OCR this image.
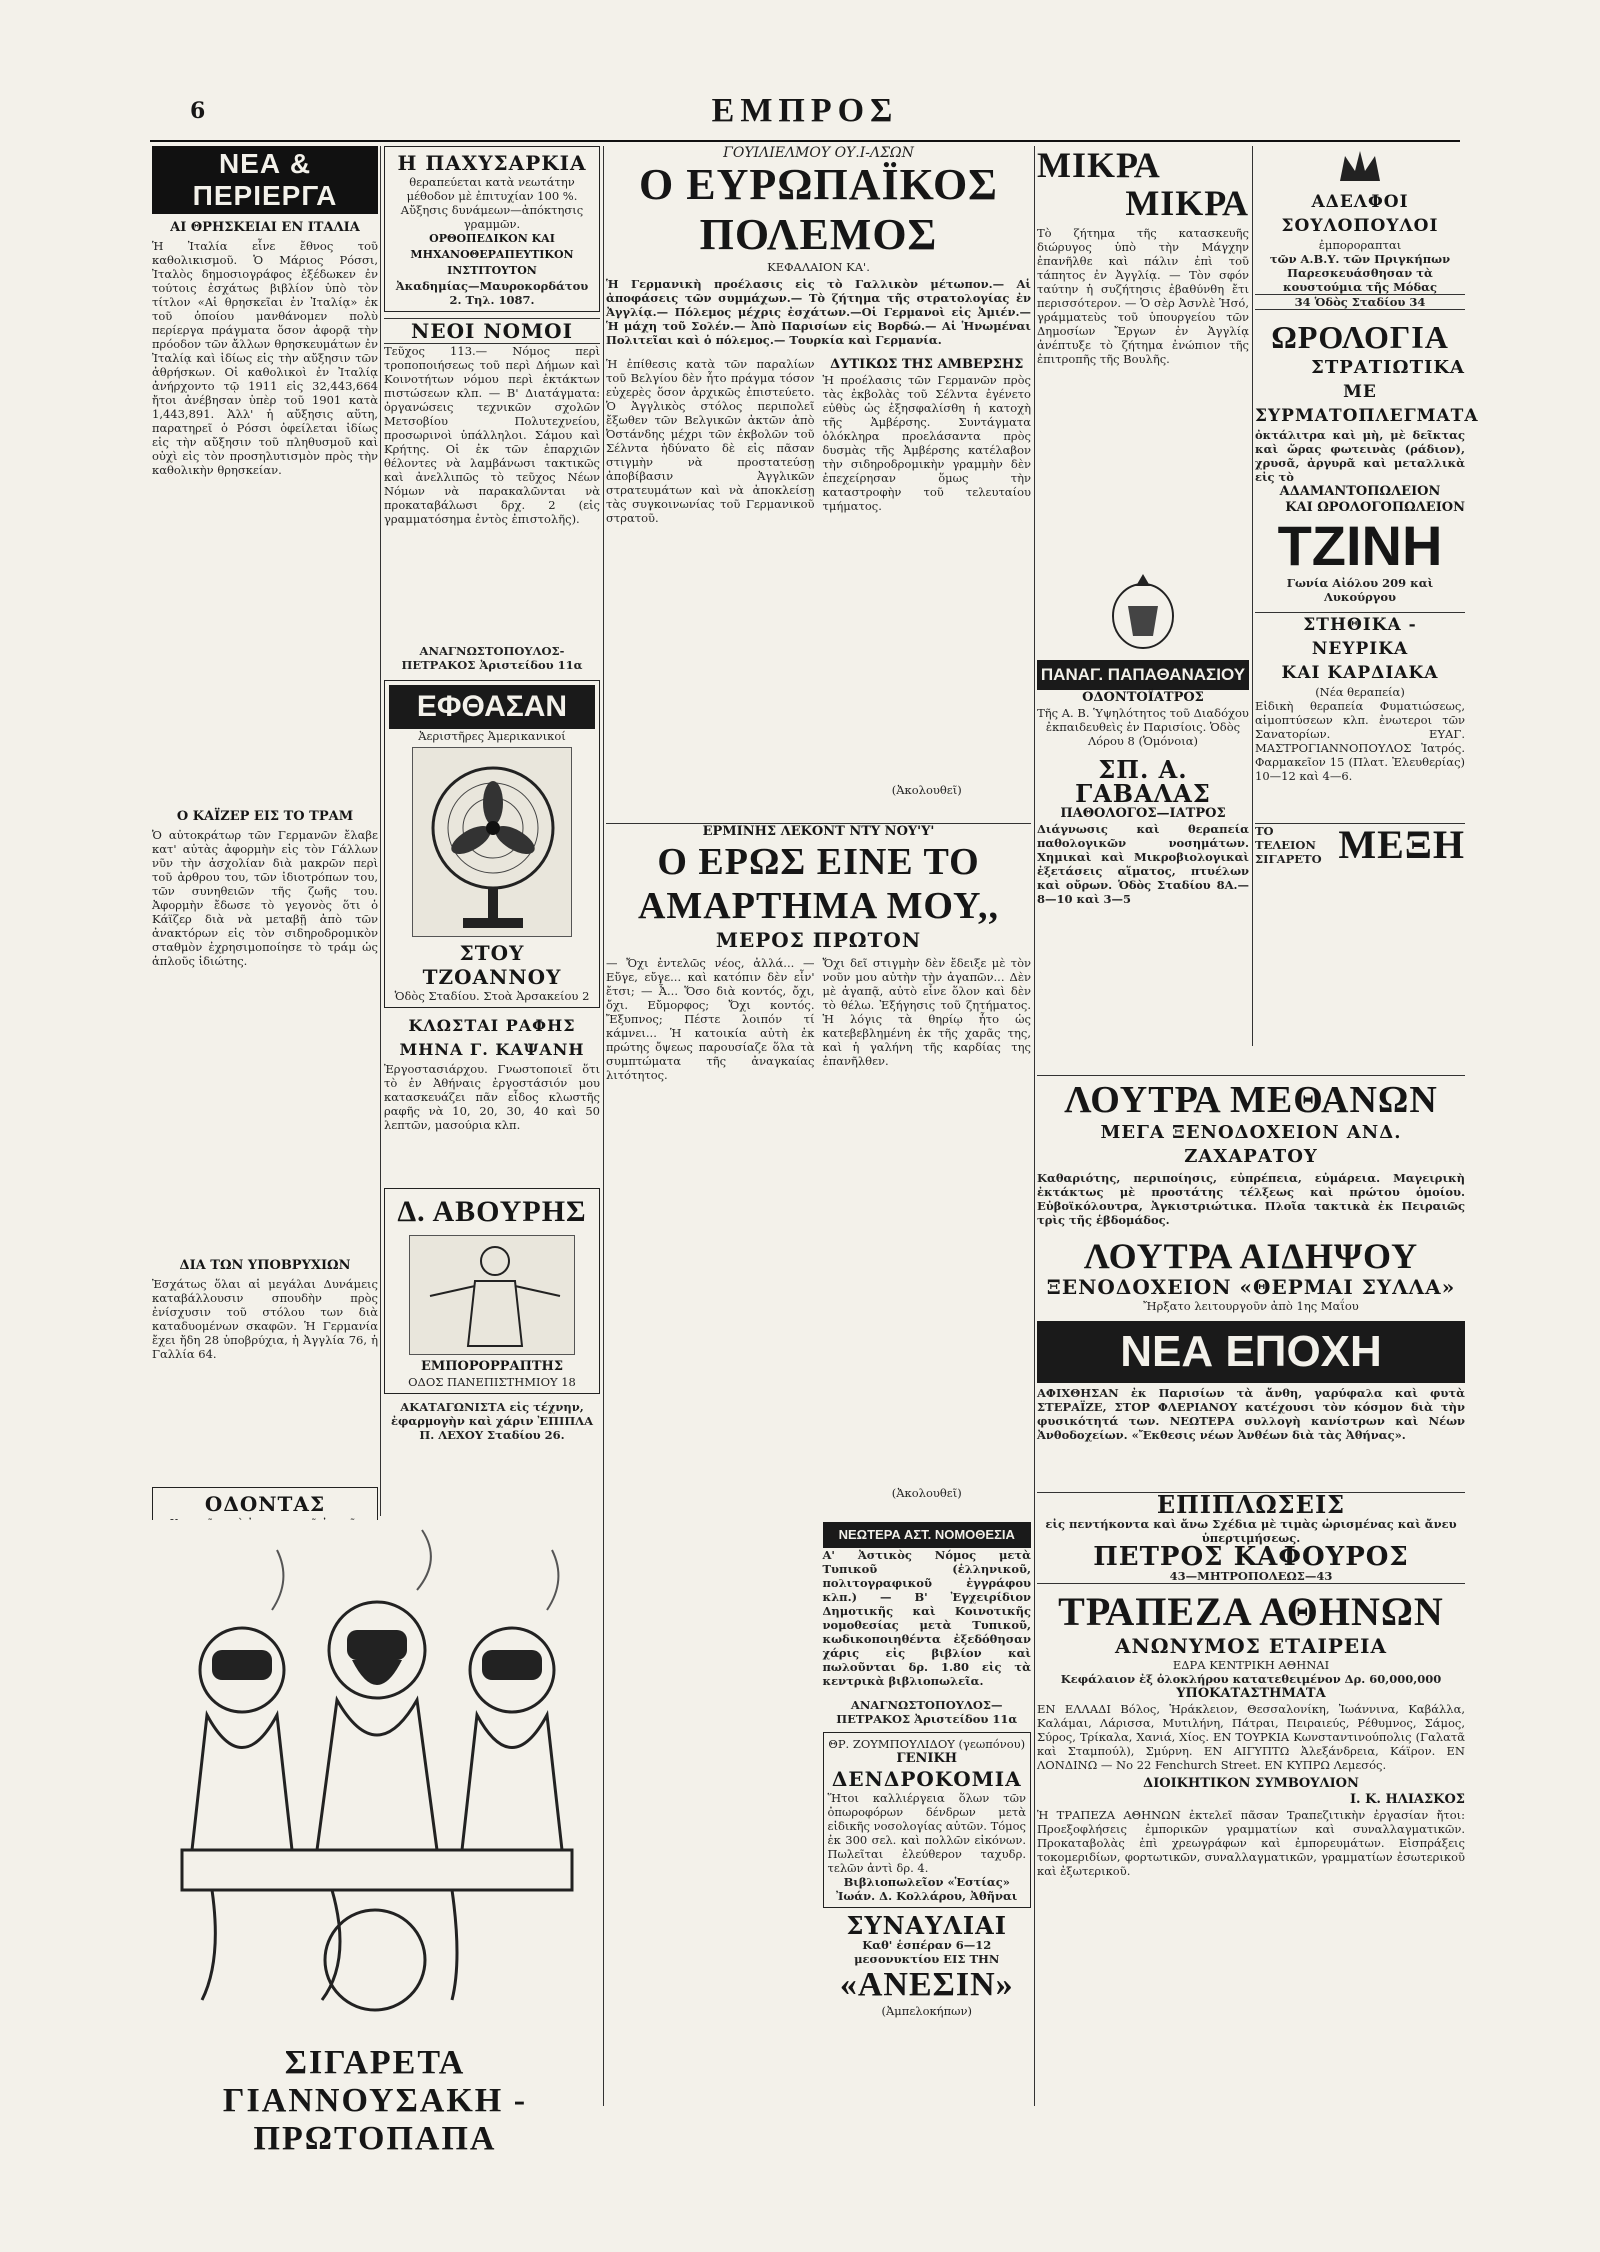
6	ΕΜΠΡΟΣ
ΝΕΑ & ΠΕΡΙΕΡΓΑ
ΑΙ ΘΡΗΣΚΕΙΑΙ ΕΝ ΙΤΑΛΙΑ
Ἡ Ἰταλία εἶνε ἔθνος τοῦ καθολικισμοῦ. Ὁ Μάριος Ρόσσι, Ἰταλὸς δημοσιογράφος ἐξέδωκεν ἐν τούτοις ἐσχάτως βιβλίον ὑπὸ τὸν τίτλον «Αἱ θρησκεῖαι ἐν Ἰταλίᾳ» ἐκ τοῦ ὁποίου μανθάνομεν πολὺ περίεργα πράγματα ὅσον ἀφορᾷ τὴν πρόοδον τῶν ἄλλων θρησκευμάτων ἐν Ἰταλίᾳ καὶ ἰδίως εἰς τὴν αὔξησιν τῶν ἀθρήσκων. Οἱ καθολικοὶ ἐν Ἰταλίᾳ ἀνήρχοντο τῷ 1911 εἰς 32,443,664 ἤτοι ἀνέβησαν ὑπὲρ τοῦ 1901 κατὰ 1,443,891. Ἀλλ' ἡ αὔξησις αὕτη, παρατηρεῖ ὁ Ρόσσι ὀφείλεται ἰδίως εἰς τὴν αὔξησιν τοῦ πληθυσμοῦ καὶ οὐχὶ εἰς τὸν προσηλυτισμὸν πρὸς τὴν καθολικὴν θρησκείαν.
Ο ΚΑΪΖΕΡ ΕΙΣ ΤΟ ΤΡΑΜ
Ὁ αὐτοκράτωρ τῶν Γερμανῶν ἔλαβε κατ' αὐτὰς ἀφορμὴν εἰς τὸν Γάλλων νῦν τὴν ἀσχολίαν διὰ μακρῶν περὶ τοῦ ἀρθρου του, τῶν ἰδιοτρόπων του, τῶν συνηθειῶν τῆς ζωῆς του. Ἀφορμὴν ἔδωσε τὸ γεγονὸς ὅτι ὁ Κάϊζερ διὰ νὰ μεταβῇ ἀπὸ τῶν ἀνακτόρων εἰς τὸν σιδηροδρομικὸν σταθμὸν ἐχρησιμοποίησε τὸ τράμ ὡς ἁπλοῦς ἰδιώτης.
ΔΙΑ ΤΩΝ ΥΠΟΒΡΥΧΙΩΝ
Ἐσχάτως ὅλαι αἱ μεγάλαι Δυνάμεις καταβάλλουσιν σπουδὴν πρὸς ἐνίσχυσιν τοῦ στόλου των διὰ καταδυομένων σκαφῶν. Ἡ Γερμανία ἔχει ἤδη 28 ὑποβρύχια, ἡ Ἀγγλία 76, ἡ Γαλλία 64.
ΟΔΟΝΤΑΣ
Η ΠΑΧΥΣΑΡΚΙΑ
θεραπεύεται κατὰ νεωτάτην μέθοδον μὲ ἐπιτυχίαν 100 %. Αὔξησις δυνάμεων—ἀπόκτησις γραμμῶν.
ΟΡΘΟΠΕΔΙΚΟΝ ΚΑΙ ΜΗΧΑΝΟΘΕΡΑΠΕΥΤΙΚΟΝ ΙΝΣΤΙΤΟΥΤΟΝ
Ἀκαδημίας—Μαυροκορδάτου 2. Τηλ. 1087.
ΝΕΟΙ ΝΟΜΟΙ
Τεῦχος 113.— Νόμος περὶ τροποποιήσεως τοῦ περὶ Δήμων καὶ Κοινοτήτων νόμου περὶ ἐκτάκτων πιστώσεων κλπ. — Β' Διατάγματα: ὀργανώσεις τεχνικῶν σχολῶν Μετσοβίου Πολυτεχνείου, προσωρινοὶ ὑπάλληλοι. Σάμου καὶ Κρήτης. Οἱ ἐκ τῶν ἐπαρχιῶν θέλοντες νὰ λαμβάνωσι τακτικῶς καὶ ἀνελλιπῶς τὸ τεῦχος Νέων Νόμων νὰ παρακαλῶνται νὰ προκαταβάλωσι δρχ. 2 (εἰς γραμματόσημα ἐντὸς ἐπιστολῆς).
ΑΝΑΓΝΩΣΤΟΠΟΥΛΟΣ-ΠΕΤΡΑΚΟΣ Ἀριστείδου 11α
ΕΦΘΑΣΑΝ
Ἀεριστῆρες Ἀμερικανικοί
ΣΤΟΥ ΤΖΟΑΝΝΟΥ
Ὁδὸς Σταδίου. Στοὰ Ἀρσακείου 2
ΚΛΩΣΤΑΙ ΡΑΦΗΣ
ΜΗΝΑ Γ. ΚΑΨΑΝΗ
Ἐργοστασιάρχου. Γνωστοποιεῖ ὅτι τὸ ἐν Ἀθήναις ἐργοστάσιόν μου κατασκευάζει πᾶν εἶδος κλωστῆς ραφῆς νὰ 10, 20, 30, 40 καὶ 50 λεπτῶν, μασούρια κλπ.
Δ. ΑΒΟΥΡΗΣ
ΕΜΠΟΡΟΡΡΑΠΤΗΣ
ΟΔΟΣ ΠΑΝΕΠΙΣΤΗΜΙΟΥ 18
ΑΚΑΤΑΓΩΝΙΣΤΑ εἰς τέχνην, ἐφαρμογὴν καὶ χάριν ἘΠΙΠΛΑ Π. ΛΕΧΟΥ Σταδίου 26.
ΓΟΥΙΛΙΕΛΜΟΥ ΟΥ.Ι-ΛΣΩΝ
Ο ΕΥΡΩΠΑΪΚΟΣ ΠΟΛΕΜΟΣ
ΚΕΦΑΛΑΙΟΝ ΚΑ'.
Ἡ Γερμανικὴ προέλασις εἰς τὸ Γαλλικὸν μέτωπον.— Αἱ ἀποφάσεις τῶν συμμάχων.— Τὸ ζήτημα τῆς στρατολογίας ἐν Ἀγγλίᾳ.— Πόλεμος μέχρις ἐσχάτων.—Οἱ Γερμανοὶ εἰς Ἀμιέν.— Ἡ μάχη τοῦ Σολέν.— Ἀπὸ Παρισίων εἰς Βορδώ.— Αἱ Ἡνωμέναι Πολιτεῖαι καὶ ὁ πόλεμος.— Τουρκία καὶ Γερμανία.
Ἡ ἐπίθεσις κατὰ τῶν παραλίων τοῦ Βελγίου δὲν ἦτο πράγμα τόσον εὐχερὲς ὅσον ἀρχικῶς ἐπιστεύετο. Ὁ Ἀγγλικὸς στόλος περιπολεῖ ἔξωθεν τῶν Βελγικῶν ἀκτῶν ἀπὸ Ὀστάνδης μέχρι τῶν ἐκβολῶν τοῦ Σέλντα ἠδύνατο δὲ εἰς πᾶσαν στιγμὴν νὰ προστατεύσῃ ἀποβίβασιν Ἀγγλικῶν στρατευμάτων καὶ νὰ ἀποκλείσῃ τὰς συγκοινωνίας τοῦ Γερμανικοῦ στρατοῦ.
ΔΥΤΙΚΩΣ ΤΗΣ ΑΜΒΕΡΣΗΣ
Ἡ προέλασις τῶν Γερμανῶν πρὸς τὰς ἐκβολὰς τοῦ Σέλντα ἐγένετο εὐθὺς ὡς ἐξησφαλίσθη ἡ κατοχὴ τῆς Ἀμβέρσης. Συντάγματα ὁλόκληρα προελάσαντα πρὸς δυσμὰς τῆς Ἀμβέρσης κατέλαβον τὴν σιδηροδρομικὴν γραμμὴν δὲν ἐπεχείρησαν ὅμως τὴν καταστροφὴν τοῦ τελευταίου τμήματος.
(Ἀκολουθεῖ)
ΕΡΜΙΝΗΣ ΛΕΚΟΝΤ ΝΤΥ ΝΟΥ'Υ'
Ο ΕΡΩΣ ΕΙΝΕ ΤΟ ΑΜΑΡΤΗΜΑ ΜΟΥ,,
ΜΕΡΟΣ ΠΡΩΤΟΝ
— Ὄχι ἐντελῶς νέος, ἀλλά... — Εὔγε, εὔγε... καὶ κατόπιν δὲν εἶν' ἔτσι; — Ἆ... Ὅσο διὰ κοντός, ὄχι, ὄχι. Εὔμορφος; Ὄχι κοντός. Ἔξυπνος; Πέστε λοιπόν τί κάμνει... Ἡ κατοικία αὐτὴ ἐκ πρώτης ὄψεως παρουσίαζε ὅλα τὰ συμπτώματα τῆς ἀναγκαίας λιτότητος.
Ὄχι δεῖ στιγμὴν δὲν ἔδειξε μὲ τὸν νοῦν μου αὐτὴν τὴν ἀγαπῶν... Δὲν μὲ ἀγαπᾷ, αὐτὸ εἶνε ὅλον καὶ δὲν τὸ θέλω. Ἐξήγησις τοῦ ζητήματος. Ἡ λόγις τὰ θηρίῳ ἦτο ὡς κατεβεβλημένη ἐκ τῆς χαρᾶς της, καὶ ἡ γαλήνη τῆς καρδίας της ἐπανῆλθεν.
(Ἀκολουθεῖ)
ΝΕΩΤΕΡΑ ΑΣΤ. ΝΟΜΟΘΕΣΙΑ
Α' Ἀστικὸς Νόμος μετὰ Τυπικοῦ (ἑλληνικοῦ, πολιτογραφικοῦ ἐγγράφου κλπ.) — Β' Ἐγχειρίδιον Δημοτικῆς καὶ Κοινοτικῆς νομοθεσίας μετὰ Τυπικοῦ, κωδικοποιηθέντα ἐξεδόθησαν χάρις εἰς βιβλίον καὶ πωλοῦνται δρ. 1.80 εἰς τὰ κεντρικὰ βιβλιοπωλεῖα.
ΑΝΑΓΝΩΣΤΟΠΟΥΛΟΣ—ΠΕΤΡΑΚΟΣ Ἀριστείδου 11α
ΘΡ. ΖΟΥΜΠΟΥΛΙΔΟΥ (γεωπόνου)
ΓΕΝΙΚΗ
ΔΕΝΔΡΟΚΟΜΙΑ
Ἥτοι καλλιέργεια ὅλων τῶν ὀπωροφόρων δένδρων μετὰ εἰδικῆς νοσολογίας αὐτῶν. Τόμος ἐκ 300 σελ. καὶ πολλῶν εἰκόνων. Πωλεῖται ἐλεύθερον ταχυδρ. τελῶν ἀντὶ δρ. 4.
Βιβλιοπωλεῖον «Ἑστίας» Ἰωάν. Δ. Κολλάρου, Ἀθῆναι
ΣΥΝΑΥΛΙΑΙ
Καθ' ἑσπέραν 6—12 μεσονυκτίου ΕΙΣ ΤΗΝ
«ΑΝΕΣΙΝ»
(Ἀμπελοκήπων)
ΜΙΚΡΑ
ΜΙΚΡΑ
Τὸ ζήτημα τῆς κατασκευῆς διώρυγος ὑπὸ τὴν Μάγχην ἐπανῆλθε καὶ πάλιν ἐπὶ τοῦ τάπητος ἐν Ἀγγλίᾳ. — Τὸν σφόν ταύτην ἡ συζήτησις ἐβαθύνθη ἔτι περισσότερον. — Ὁ σὲρ Ἀσνλὲ Ἡσό, γράμματεὺς τοῦ ὑπουργείου τῶν Δημοσίων Ἔργων ἐν Ἀγγλίᾳ ἀνέπτυξε τὸ ζήτημα ἐνώπιον τῆς ἐπιτροπῆς τῆς Βουλῆς.
ΠΑΝΑΓ. ΠΑΠΑΘΑΝΑΣΙΟΥ
ΟΔΟΝΤΟΪΑΤΡΟΣ
Τῆς Α. Β. Ὑψηλότητος τοῦ Διαδόχου ἐκπαιδευθεὶς ἐν Παρισίοις. Ὁδὸς Λόρου 8 (Ὁμόνοια)
ΣΠ. Α. ΓΑΒΑΛΑΣ
ΠΑΘΟΛΟΓΟΣ—ΙΑΤΡΟΣ
Διάγνωσις καὶ θεραπεία παθολογικῶν νοσημάτων. Χημικαὶ καὶ Μικροβιολογικαὶ ἐξετάσεις αἵματος, πτυέλων καὶ οὔρων. Ὁδὸς Σταδίου 8Α.—8—10 καὶ 3—5
ΑΔΕΛΦΟΙ ΣΟΥΛΟΠΟΥΛΟΙ
ἐμποροραπται
τῶν Α.Β.Υ. τῶν Πριγκήπων Παρεσκευάσθησαν τὰ κουστούμια τῆς Μόδας
34 Ὁδὸς Σταδίου 34
ΩΡΟΛΟΓΙΑ
ΣΤΡΑΤΙΩΤΙΚΑ
ΜΕ ΣΥΡΜΑΤΟΠΛΕΓΜΑΤΑ
ὀκτάλιτρα καὶ μὴ, μὲ δεῖκτας καὶ ὥρας φωτεινὰς (ράδιον), χρυσᾶ, ἀργυρᾶ καὶ μεταλλικὰ εἰς τὸ
ΑΔΑΜΑΝΤΟΠΩΛΕΙΟΝ
ΚΑΙ ΩΡΟΛΟΓΟΠΩΛΕΙΟΝ
ΤΖΙΝΗ
Γωνία Αἰόλου 209 καὶ Λυκούργου
ΣΤΗΘΙΚΑ - ΝΕΥΡΙΚΑ
ΚΑΙ ΚΑΡΔΙΑΚΑ
(Νέα θεραπεία)
Εἰδικὴ θεραπεία Φυματιώσεως, αἱμοπτύσεων κλπ. ἐνωτεροι τῶν Σανατορίων. ΕΥΑΓ. ΜΑΣΤΡΟΓΙΑΝΝΟΠΟΥΛΟΣ Ἰατρός. Φαρμακεῖον 15 (Πλατ. Ἐλευθερίας) 10—12 καὶ 4—6.
ΤΟ ΤΕΛΕΙΟΝ ΣΙΓΑΡΕΤΟ ΜΕΞΗ
ΛΟΥΤΡΑ ΜΕΘΑΝΩΝ
ΜΕΓΑ ΞΕΝΟΔΟΧΕΙΟΝ ΑΝΔ. ΖΑΧΑΡΑΤΟΥ
Καθαριότης, περιποίησις, εὐπρέπεια, εὐμάρεια. Μαγειρικὴ ἐκτάκτως μὲ προστάτης τέλξεως καὶ πρώτου ὁμοίου. Εὐβοϊκόλουτρα, Ἀγκιστριώτικα. Πλοῖα τακτικὰ ἐκ Πειραιῶς τρὶς τῆς ἑβδομάδος.
ΛΟΥΤΡΑ ΑΙΔΗΨΟΥ
ΞΕΝΟΔΟΧΕΙΟΝ «ΘΕΡΜΑΙ ΣΥΛΛΑ»
Ἤρξατο λειτουργοῦν ἀπὸ 1ης Μαΐου
ΝΕΑ ΕΠΟΧΗ
ΑΦΙΧΘΗΣΑΝ ἐκ Παρισίων τὰ ἄνθη, γαρύφαλα καὶ φυτὰ ΣΤΕΡΑΪΖΕ, ΣΤΟΡ ΦΛΕΡΙΑΝΟΥ κατέχουσι τὸν κόσμον διὰ τὴν φυσικότητά των. ΝΕΩΤΕΡΑ συλλογὴ κανίστρων καὶ Νέων Ἀνθοδοχείων. «Ἔκθεσις νέων Ἀνθέων διὰ τὰς Ἀθήνας».
ΕΠΙΠΛΩΣΕΙΣ
εἰς πεντήκοντα καὶ ἄνω Σχέδια μὲ τιμὰς ὡρισμένας καὶ ἄνευ ὑπερτιμήσεως.
ΠΕΤΡΟΣ ΚΑΦΟΥΡΟΣ
43—ΜΗΤΡΟΠΟΛΕΩΣ—43
ΤΡΑΠΕΖΑ ΑΘΗΝΩΝ
ΑΝΩΝΥΜΟΣ ΕΤΑΙΡΕΙΑ
ΕΔΡΑ ΚΕΝΤΡΙΚΗ ΑΘΗΝΑΙ
Κεφάλαιον ἐξ ὁλοκλήρου κατατεθειμένον Δρ. 60,000,000
ΥΠΟΚΑΤΑΣΤΗΜΑΤΑ
ΕΝ ΕΛΛΑΔΙ Βόλος, Ἡράκλειον, Θεσσαλονίκη, Ἰωάννινα, Καβάλλα, Καλάμαι, Λάρισσα, Μυτιλήνη, Πάτραι, Πειραιεύς, Ρέθυμνος, Σάμος, Σύρος, Τρίκαλα, Χανιά, Χίος. ΕΝ ΤΟΥΡΚΙΑ Κωνσταντινούπολις (Γαλατᾶ καὶ Σταμπούλ), Σμύρνη. ΕΝ ΑΙΓΥΠΤΩ Ἀλεξάνδρεια, Κάϊρον. ΕΝ ΛΟΝΔΙΝΩ — No 22 Fenchurch Street. ΕΝ ΚΥΠΡΩ Λεμεσός.
ΔΙΟΙΚΗΤΙΚΟΝ ΣΥΜΒΟΥΛΙΟΝ
Ι. Κ. ΗΛΙΑΣΚΟΣ
Ἡ ΤΡΑΠΕΖΑ ΑΘΗΝΩΝ ἐκτελεῖ πᾶσαν Τραπεζιτικὴν ἐργασίαν ἤτοι: Προεξοφλήσεις ἐμπορικῶν γραμματίων καὶ συναλλαγματικῶν. Προκαταβολὰς ἐπὶ χρεωγράφων καὶ ἐμπορευμάτων. Εἰσπράξεις τοκομεριδίων, φορτωτικῶν, συναλλαγματικῶν, γραμματίων ἐσωτερικοῦ καὶ ἐξωτερικοῦ.
ΣΙΓΑΡΕΤΑ ΓΙΑΝΝΟΥΣΑΚΗ - ΠΡΩΤΟΠΑΠΑ
